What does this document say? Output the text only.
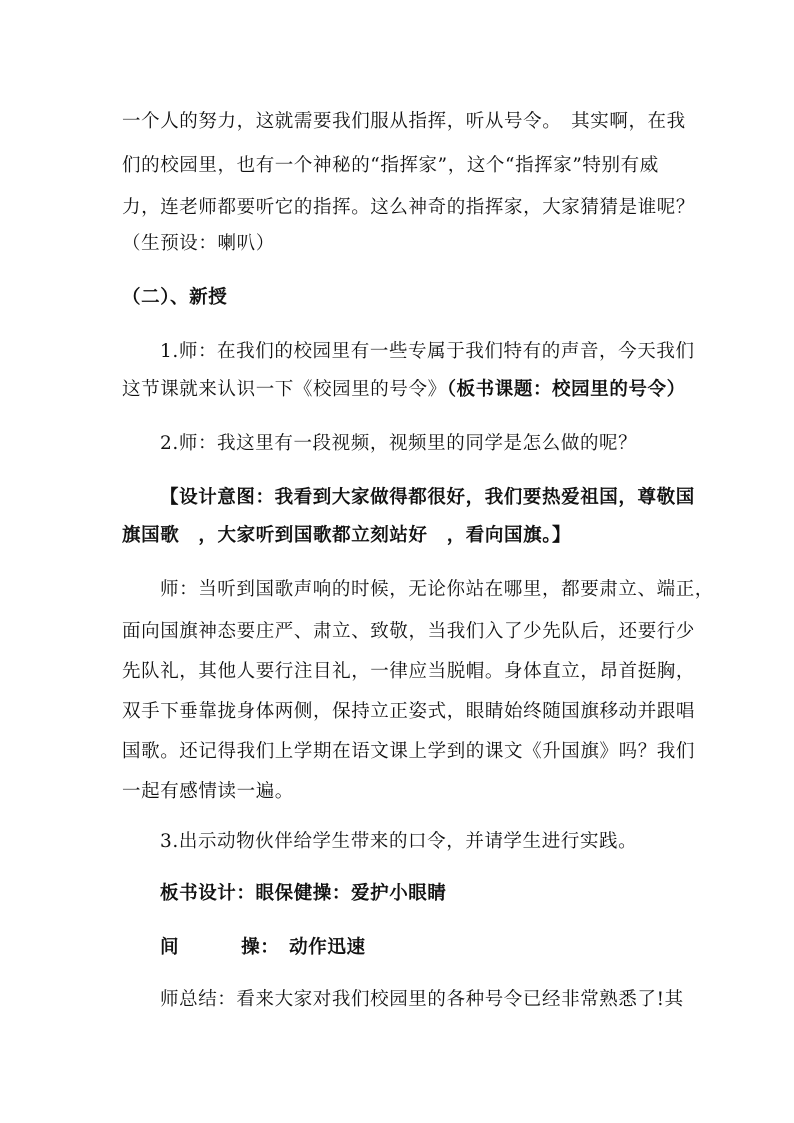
一个人的努力，这就需要我们服从指挥，听从号令。　其实啊，在我
们的校园里，也有一个神秘的“指挥家”，这个“指挥家”特别有威
力，连老师都要听它的指挥。这么神奇的指挥家，大家猜猜是谁呢？
（生预设：喇叭）
（二）、新授
1.师：在我们的校园里有一些专属于我们特有的声音，今天我们
这节课就来认识一下《校园里的号令》（板书课题：校园里的号令）
2.师：我这里有一段视频，视频里的同学是怎么做的呢？
【设计意图：我看到大家做得都很好，我们要热爱祖国，尊敬国
旗国歌　，大家听到国歌都立刻站好　，看向国旗。】
师：当听到国歌声响的时候，无论你站在哪里，都要肃立、端正，
面向国旗神态要庄严、肃立、致敬，当我们入了少先队后，还要行少
先队礼，其他人要行注目礼，一律应当脱帽。身体直立，昂首挺胸，
双手下垂靠拢身体两侧，保持立正姿式，眼睛始终随国旗移动并跟唱
国歌。还记得我们上学期在语文课上学到的课文《升国旗》吗？我们
一起有感情读一遍。
3.出示动物伙伴给学生带来的口令，并请学生进行实践。
板书设计：眼保健操：爱护小眼睛
间	操：　 动作迅速
师总结：看来大家对我们校园里的各种号令已经非常熟悉了!其
